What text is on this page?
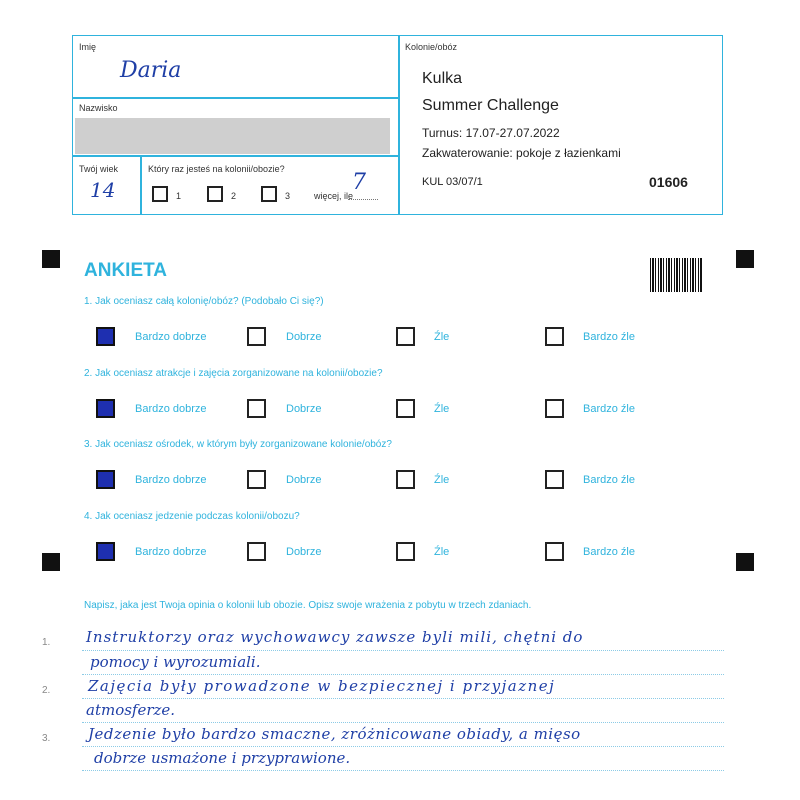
Imię
Daria
Nazwisko
Twój wiek
14
Który raz jesteś na kolonii/obozie?
1	2	3	więcej, ile
7
Kolonie/obóz
Kulka
Summer Challenge
Turnus: 17.07-27.07.2022
Zakwaterowanie: pokoje z łazienkami
KUL 03/07/1	01606
ANKIETA
1. Jak oceniasz całą kolonię/obóz? (Podobało Ci się?)
Bardzo dobrze	Dobrze	Źle	Bardzo źle
2. Jak oceniasz atrakcje i zajęcia zorganizowane na kolonii/obozie?
Bardzo dobrze	Dobrze	Źle	Bardzo źle
3. Jak oceniasz ośrodek, w którym były zorganizowane kolonie/obóz?
Bardzo dobrze	Dobrze	Źle	Bardzo źle
4. Jak oceniasz jedzenie podczas kolonii/obozu?
Bardzo dobrze	Dobrze	Źle	Bardzo źle
Napisz, jaka jest Twoja opinia o kolonii lub obozie. Opisz swoje wrażenia z pobytu w trzech zdaniach.
1.
2.
3.
Instruktorzy oraz wychowawcy zawsze byli mili, chętni do
pomocy i wyrozumiali.
Zajęcia były prowadzone w bezpiecznej i przyjaznej
atmosferze.
Jedzenie było bardzo smaczne, zróżnicowane obiady, a mięso
dobrze usmażone i przyprawione.
